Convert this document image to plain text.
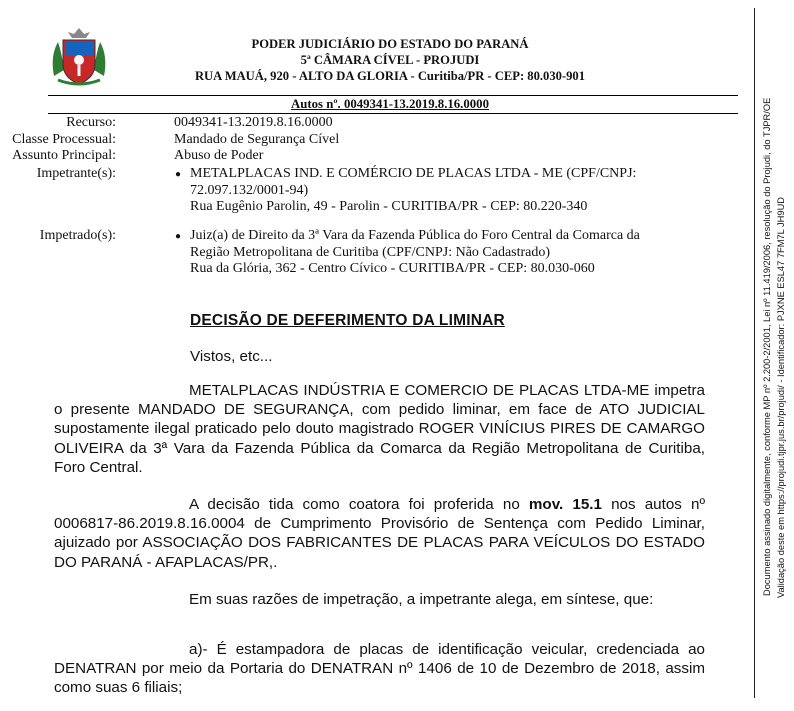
PODER JUDICIÁRIO DO ESTADO DO PARANÁ
5ª CÂMARA CÍVEL - PROJUDI
RUA MAUÁ, 920 - ALTO DA GLORIA - Curitiba/PR - CEP: 80.030-901
Autos nº. 0049341-13.2019.8.16.0000
Recurso:	0049341-13.2019.8.16.0000
Classe Processual:	Mandado de Segurança Cível
Assunto Principal:	Abuso de Poder
Impetrante(s):	● METALPLACAS IND. E COMÉRCIO DE PLACAS LTDA - ME (CPF/CNPJ:
72.097.132/0001-94)
Rua Eugênio Parolin, 49 - Parolin - CURITIBA/PR - CEP: 80.220-340
Impetrado(s):	● Juiz(a) de Direito da 3ª Vara da Fazenda Pública do Foro Central da Comarca da
Região Metropolitana de Curitiba (CPF/CNPJ: Não Cadastrado)
Rua da Glória, 362 - Centro Cívico - CURITIBA/PR - CEP: 80.030-060
DECISÃO DE DEFERIMENTO DA LIMINAR
Vistos, etc...
METALPLACAS INDÚSTRIA E COMERCIO DE PLACAS LTDA-ME impetra o presente MANDADO DE SEGURANÇA, com pedido liminar, em face de ATO JUDICIAL supostamente ilegal praticado pelo douto magistrado ROGER VINÍCIUS PIRES DE CAMARGO OLIVEIRA da 3ª Vara da Fazenda Pública da Comarca da Região Metropolitana de Curitiba, Foro Central.
A decisão tida como coatora foi proferida no mov. 15.1 nos autos nº 0006817-86.2019.8.16.0004 de Cumprimento Provisório de Sentença com Pedido Liminar, ajuizado por ASSOCIAÇÃO DOS FABRICANTES DE PLACAS PARA VEÍCULOS DO ESTADO DO PARANÁ - AFAPLACAS/PR,.
Em suas razões de impetração, a impetrante alega, em síntese, que:
a)- É estampadora de placas de identificação veicular, credenciada ao DENATRAN por meio da Portaria do DENATRAN nº 1406 de 10 de Dezembro de 2018, assim como suas 6 filiais;
Documento assinado digitalmente, conforme MP nº 2.200-2/2001, Lei nº 11.419/2006, resolução do Projudi, do TJPR/OE Validação deste em https://projudi.tjpr.jus.br/projudi/ - Identificador: PJXNE ESL47 7FM7L JH9UD
